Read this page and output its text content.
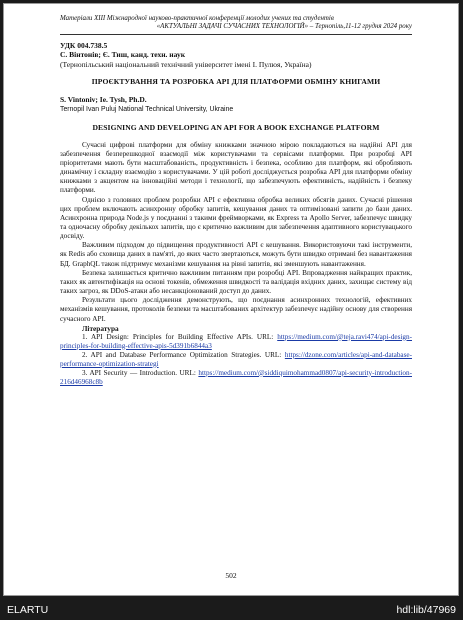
Матеріали XIII Міжнародної науково-практичної конференції молодих учених та студентів
«АКТУАЛЬНІ ЗАДАЧІ СУЧАСНИХ ТЕХНОЛОГІЙ» – Тернопіль,11-12 грудня 2024 року
УДК 004.738.5
С. Вінтонів; Є. Тиш, канд. техн. наук
(Тернопільський національний технічний університет імені І. Пулюя, Україна)
ПРОЄКТУВАННЯ ТА РОЗРОБКА API ДЛЯ ПЛАТФОРМИ ОБМІНУ КНИГАМИ
S. Vintoniv; Ie. Tysh, Ph.D.
Ternopil Ivan Puluj National Technical University, Ukraine
DESIGNING AND DEVELOPING AN API FOR A BOOK EXCHANGE PLATFORM

Сучасні цифрові платформи для обміну книжками значною мірою покладаються на надійні API для забезпечення безперешкодної взаємодії між користувачами та сервісами платформи. При розробці API пріоритетами мають бути масштабованість, продуктивність і безпека, особливо для платформ, які обробляють динамічну і складну взаємодію з користувачами. У цій роботі досліджується розробка API для платформи обміну книжками з акцентом на інноваційні методи і технології, що забезпечують ефективність, надійність і безпеку платформи.

Однією з головних проблем розробки API є ефективна обробка великих обсягів даних. Сучасні рішення цих проблем включають асинхронну обробку запитів, кешування даних та оптимізовані запити до бази даних. Асинхронна природа Node.js у поєднанні з такими фреймворками, як Express та Apollo Server, забезпечує швидку та одночасну обробку декількох запитів, що є критично важливим для забезпечення адаптивного користувацького досвіду.

Важливим підходом до підвищення продуктивності API є кешування. Використовуючи такі інструменти, як Redis або сховища даних в пам'яті, до яких часто звертаються, можуть бути швидко отримані без навантаження БД. GraphQL також підтримує механізми кешування на рівні запитів, які зменшують навантаження.

Безпека залишається критично важливим питанням при розробці API. Впровадження найкращих практик, таких як автентифікація на основі токенів, обмеження швидкості та валідація вхідних даних, захищає систему від таких загроз, як DDoS-атаки або несанкціонований доступ до даних.

Результати цього дослідження демонструють, що поєднання асинхронних технологій, ефективних механізмів кешування, протоколів безпеки та масштабованих архітектур забезпечує надійну основу для створення сучасного API.

Література

1. API Design: Principles for Building Effective APIs. URL: https://medium.com/@teja.ravi474/api-design-principles-for-building-effective-apis-5d391b6844a3

2. API and Database Performance Optimization Strategies. URL: https://dzone.com/articles/api-and-database-performance-optimization-strategi

3. API Security — Introduction. URL: https://medium.com/@siddiquimohammad0807/api-security-introduction-216d46968c8b

502
ELARTU	hdl:lib/47969
